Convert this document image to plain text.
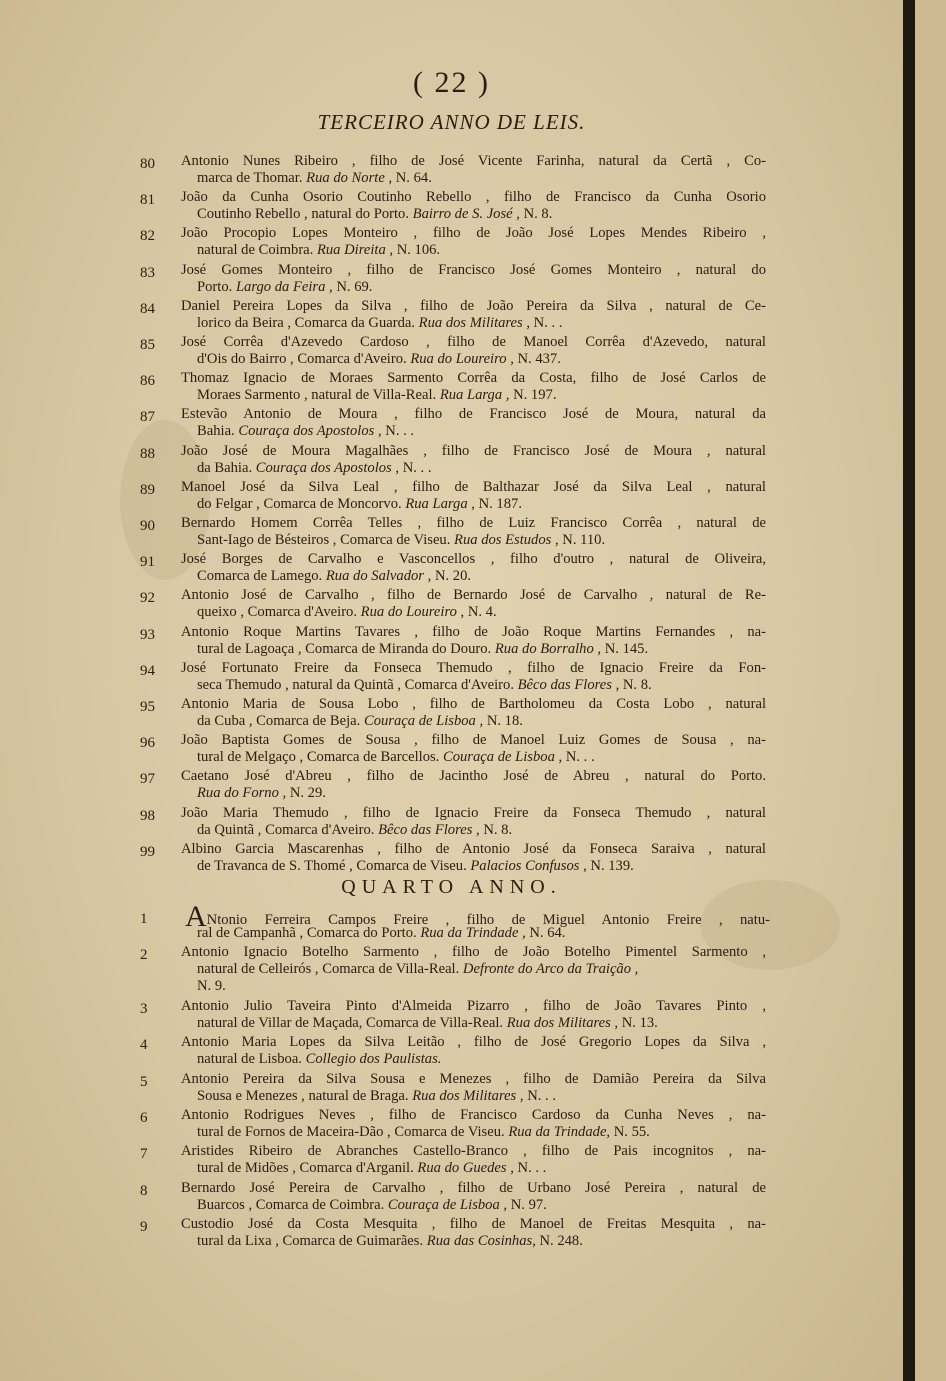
( 22 )
TERCEIRO ANNO DE LEIS.
80	Antonio Nunes Ribeiro , filho de José Vicente Farinha, natural da Certã , Co-
marca de Thomar. Rua do Norte , N. 64.
81	João da Cunha Osorio Coutinho Rebello , filho de Francisco da Cunha Osorio
Coutinho Rebello , natural do Porto. Bairro de S. José , N. 8.
82	João Procopio Lopes Monteiro , filho de João José Lopes Mendes Ribeiro ,
natural de Coimbra. Rua Direita , N. 106.
83	José Gomes Monteiro , filho de Francisco José Gomes Monteiro , natural do
Porto. Largo da Feira , N. 69.
84	Daniel Pereira Lopes da Silva , filho de João Pereira da Silva , natural de Ce-
lorico da Beira , Comarca da Guarda. Rua dos Militares , N. . .
85	José Corrêa d'Azevedo Cardoso , filho de Manoel Corrêa d'Azevedo, natural
d'Ois do Bairro , Comarca d'Aveiro. Rua do Loureiro , N. 437.
86	Thomaz Ignacio de Moraes Sarmento Corrêa da Costa, filho de José Carlos de
Moraes Sarmento , natural de Villa-Real. Rua Larga , N. 197.
87	Estevão Antonio de Moura , filho de Francisco José de Moura, natural da
Bahia. Couraça dos Apostolos , N. . .
88	João José de Moura Magalhães , filho de Francisco José de Moura , natural
da Bahia. Couraça dos Apostolos , N. . .
89	Manoel José da Silva Leal , filho de Balthazar José da Silva Leal , natural
do Felgar , Comarca de Moncorvo. Rua Larga , N. 187.
90	Bernardo Homem Corrêa Telles , filho de Luiz Francisco Corrêa , natural de
Sant-Iago de Bésteiros , Comarca de Viseu. Rua dos Estudos , N. 110.
91	José Borges de Carvalho e Vasconcellos , filho d'outro , natural de Oliveira,
Comarca de Lamego. Rua do Salvador , N. 20.
92	Antonio José de Carvalho , filho de Bernardo José de Carvalho , natural de Re-
queixo , Comarca d'Aveiro. Rua do Loureiro , N. 4.
93	Antonio Roque Martins Tavares , filho de João Roque Martins Fernandes , na-
tural de Lagoaça , Comarca de Miranda do Douro. Rua do Borralho , N. 145.
94	José Fortunato Freire da Fonseca Themudo , filho de Ignacio Freire da Fon-
seca Themudo , natural da Quintã , Comarca d'Aveiro. Bêco das Flores , N. 8.
95	Antonio Maria de Sousa Lobo , filho de Bartholomeu da Costa Lobo , natural
da Cuba , Comarca de Beja. Couraça de Lisboa , N. 18.
96	João Baptista Gomes de Sousa , filho de Manoel Luiz Gomes de Sousa , na-
tural de Melgaço , Comarca de Barcellos. Couraça de Lisboa , N. . .
97	Caetano José d'Abreu , filho de Jacintho José de Abreu , natural do Porto.
Rua do Forno , N. 29.
98	João Maria Themudo , filho de Ignacio Freire da Fonseca Themudo , natural
da Quintã , Comarca d'Aveiro. Bêco das Flores , N. 8.
99	Albino Garcia Mascarenhas , filho de Antonio José da Fonseca Saraiva , natural
de Travanca de S. Thomé , Comarca de Viseu. Palacios Confusos , N. 139.
QUARTO ANNO.
1	ANtonio Ferreira Campos Freire , filho de Miguel Antonio Freire , natu-
ral de Campanhã , Comarca do Porto. Rua da Trindade , N. 64.
2	Antonio Ignacio Botelho Sarmento , filho de João Botelho Pimentel Sarmento ,
natural de Celleirós , Comarca de Villa-Real. Defronte do Arco da Traição ,
N. 9.
3	Antonio Julio Taveira Pinto d'Almeida Pizarro , filho de João Tavares Pinto ,
natural de Villar de Maçada, Comarca de Villa-Real. Rua dos Militares , N. 13.
4	Antonio Maria Lopes da Silva Leitão , filho de José Gregorio Lopes da Silva ,
natural de Lisboa. Collegio dos Paulistas.
5	Antonio Pereira da Silva Sousa e Menezes , filho de Damião Pereira da Silva
Sousa e Menezes , natural de Braga. Rua dos Militares , N. . .
6	Antonio Rodrigues Neves , filho de Francisco Cardoso da Cunha Neves , na-
tural de Fornos de Maceira-Dão , Comarca de Viseu. Rua da Trindade, N. 55.
7	Aristides Ribeiro de Abranches Castello-Branco , filho de Pais incognitos , na-
tural de Midões , Comarca d'Arganil. Rua do Guedes , N. . .
8	Bernardo José Pereira de Carvalho , filho de Urbano José Pereira , natural de
Buarcos , Comarca de Coimbra. Couraça de Lisboa , N. 97.
9	Custodio José da Costa Mesquita , filho de Manoel de Freitas Mesquita , na-
tural da Lixa , Comarca de Guimarães. Rua das Cosinhas, N. 248.
